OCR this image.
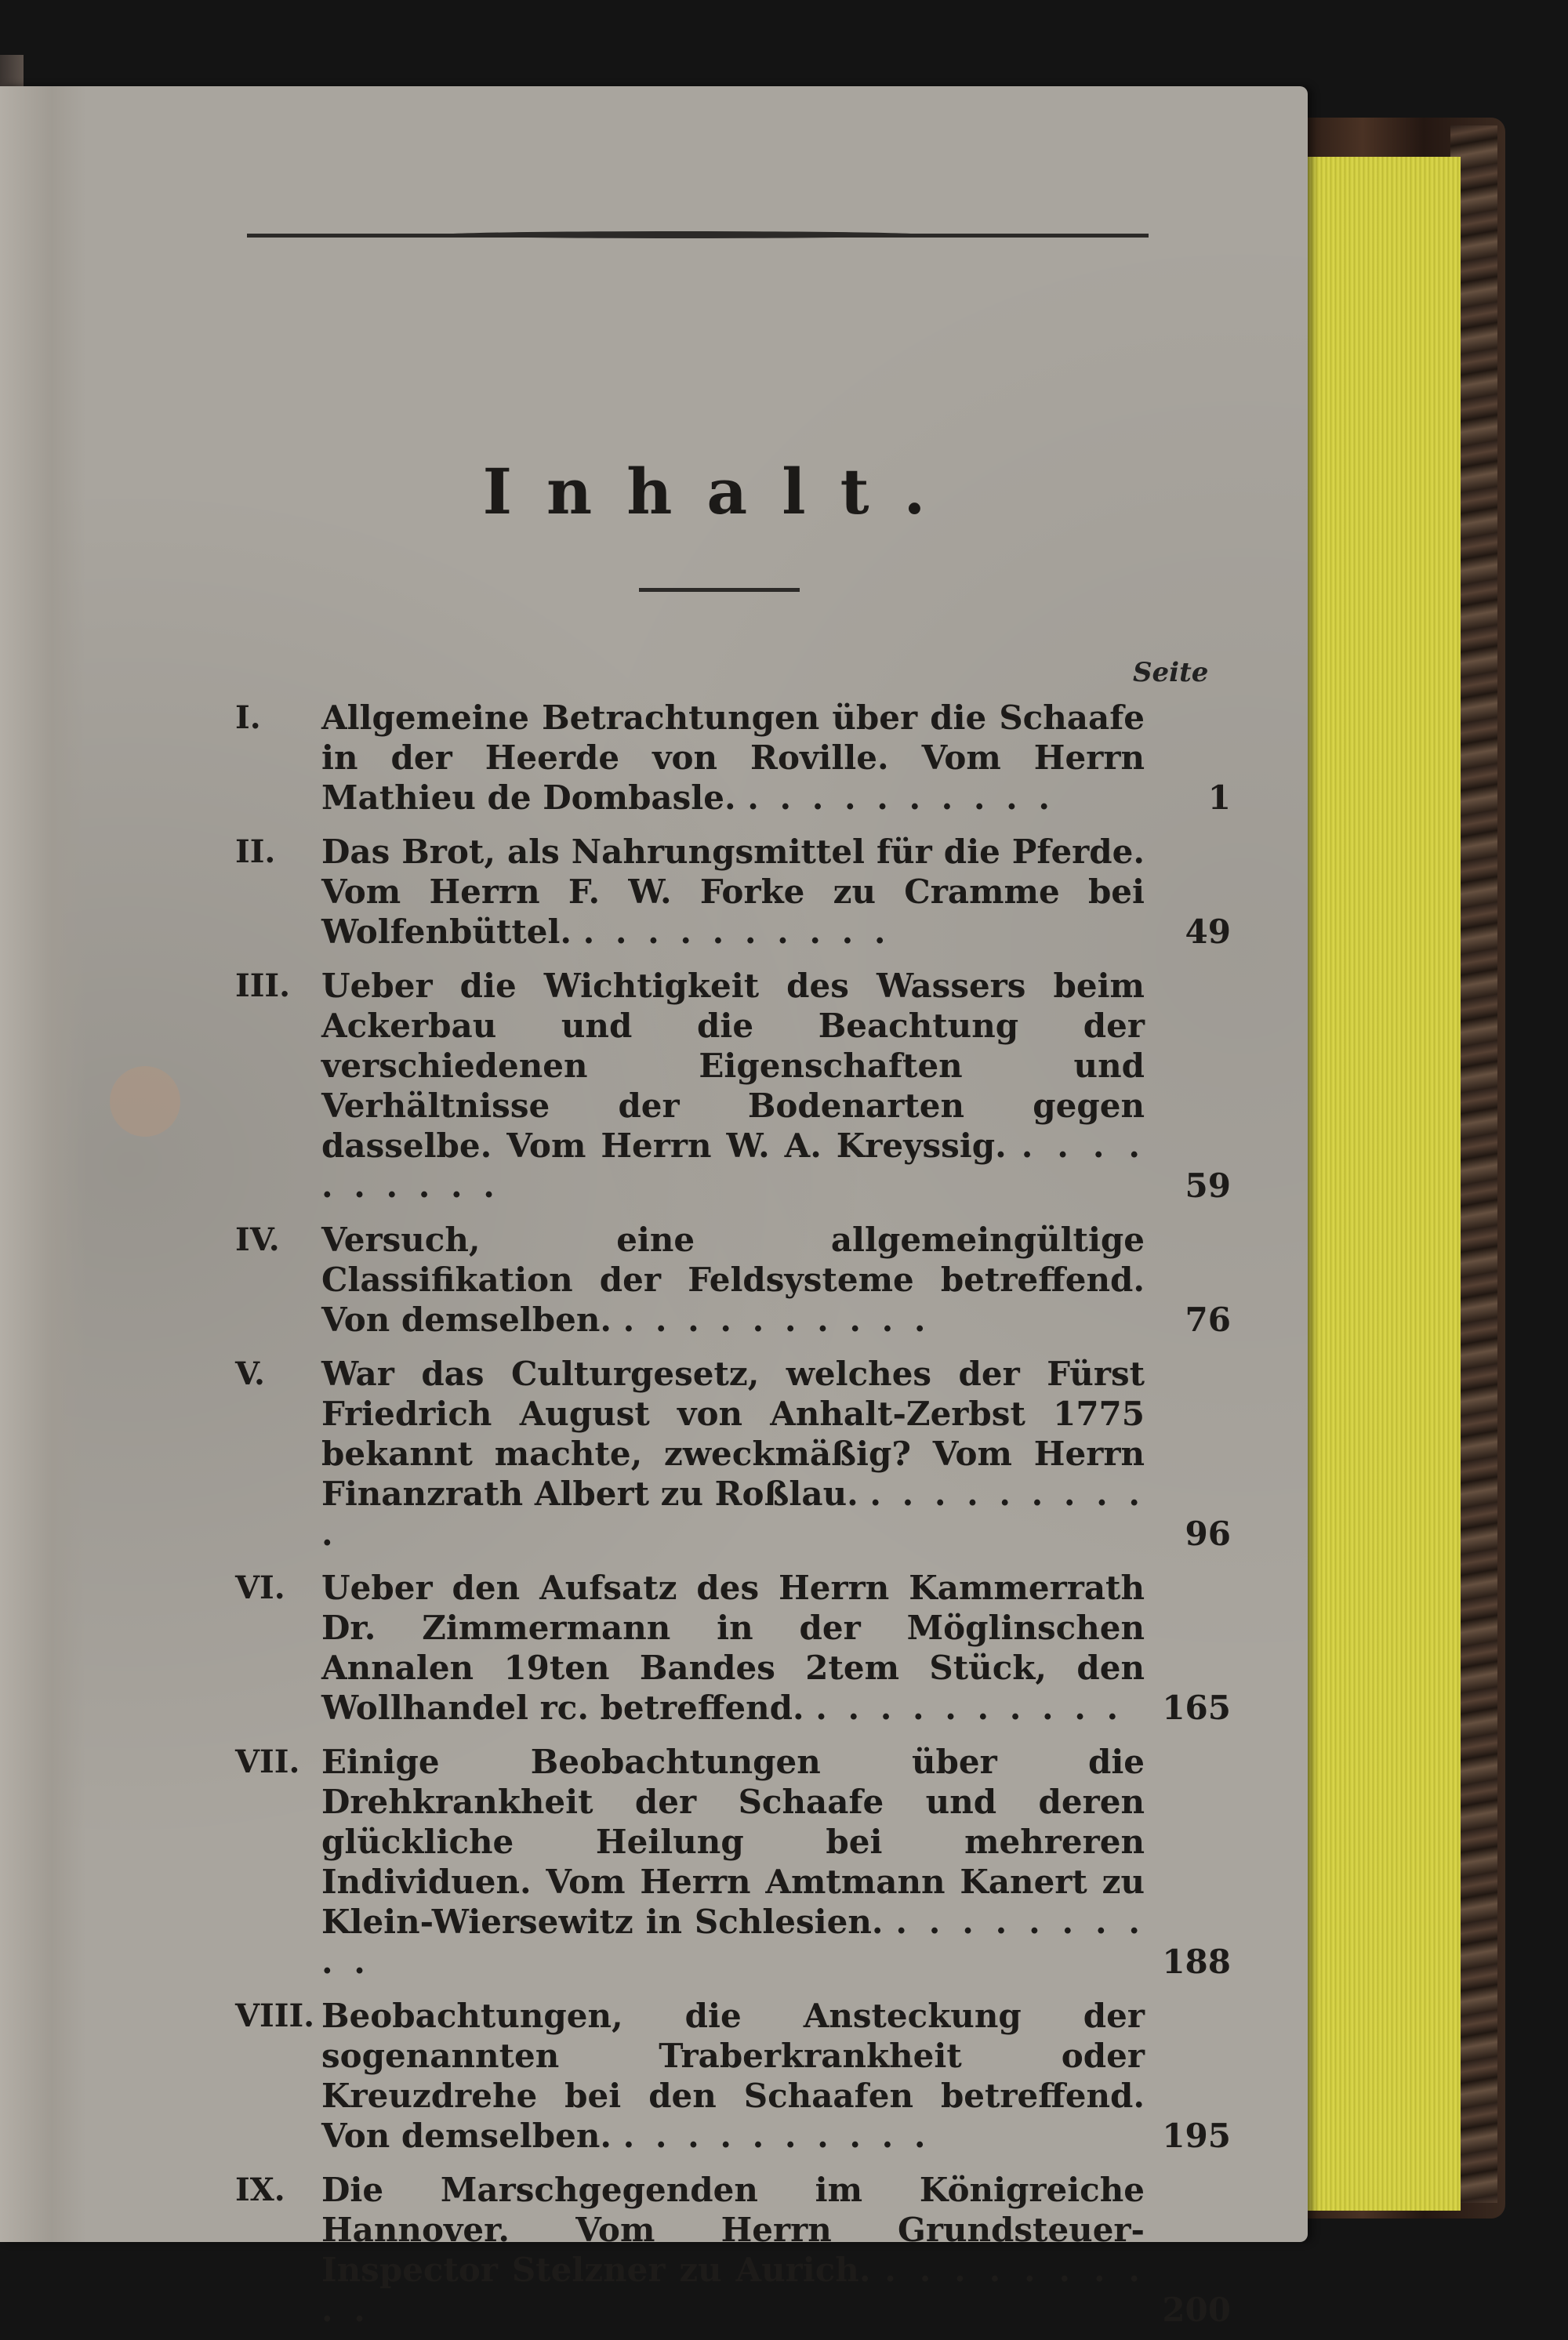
Inhalt.
Seite
I.	Allgemeine Betrachtungen über die Schaafe in der Heerde von Roville. Vom Herrn Mathieu de Dombasle. . . . . . . . . . .	1
II.	Das Brot, als Nahrungsmittel für die Pferde. Vom Herrn F. W. Forke zu Cramme bei Wolfenbüttel. . . . . . . . . . .	49
III. Ueber die Wichtigkeit des Wassers beim Ackerbau und die Beachtung der verschiedenen Eigenschaften und Verhältnisse der Bodenarten gegen dasselbe. Vom Herrn W. A. Kreyssig. . . . . . . . . . .	59
IV.	Versuch, eine allgemeingültige Classifikation der Feldsysteme betreffend. Von demselben. . . . . . . . . . .	76
V.	War das Culturgesetz, welches der Fürst Friedrich August von Anhalt-Zerbst 1775 bekannt machte, zweckmäßig? Vom Herrn Finanzrath Albert zu Roßlau. . . . . . . . . . .	96
VI.	Ueber den Aufsatz des Herrn Kammerrath Dr. Zimmermann in der Möglinschen Annalen 19ten Bandes 2tem Stück, den Wollhandel rc. betreffend. . . . . . . . . . .	165
VII. Einige Beobachtungen über die Drehkrankheit der Schaafe und deren glückliche Heilung bei mehreren Individuen. Vom Herrn Amtmann Kanert zu Klein-Wiersewitz in Schlesien. . . . . . . . . . .	188
VIII. Beobachtungen, die Ansteckung der sogenannten Traberkrankheit oder Kreuzdrehe bei den Schaafen betreffend. Von demselben. . . . . . . . . . .	195
IX.	Die Marschgegenden im Königreiche Hannover. Vom Herrn Grundsteuer-Inspector Stelzner zu Aurich. . . . . . . . . . .	200
